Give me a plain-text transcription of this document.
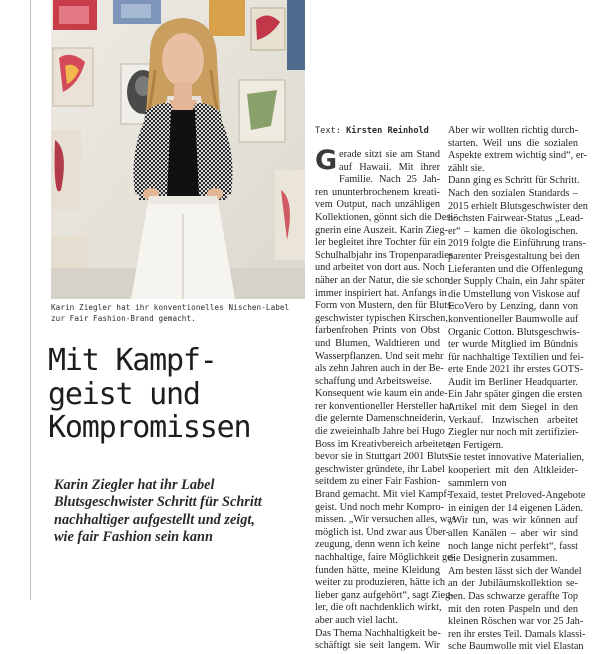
Karin Ziegler hat ihr konventionelles Nischen-Label
zur Fair Fashion-Brand gemacht.
Mit Kampf-
geist und
Kompromissen
Karin Ziegler hat ihr Label
Blutsgeschwister Schritt für Schritt
nachhaltiger aufgestellt und zeigt,
wie fair Fashion sein kann
Text: Kirsten Reinhold
G erade sitzt sie am Stand
auf Hawaii. Mit ihrer
Familie. Nach 25 Jah-
ren ununterbrochenem kreati-
vem Output, nach unzähligen
Kollektionen, gönnt sich die Desi-
gnerin eine Auszeit. Karin Zieg-
ler begleitet ihre Tochter für ein
Schulhalbjahr ins Tropenparadies
und arbeitet von dort aus. Noch
näher an der Natur, die sie schon
immer inspiriert hat. Anfangs in
Form von Mustern, den für Bluts-
geschwister typischen Kirschen,
farbenfrohen Prints von Obst
und Blumen, Waldtieren und
Wasserpflanzen. Und seit mehr
als zehn Jahren auch in der Be-
schaffung und Arbeitsweise.
Konsequent wie kaum ein ande-
rer konventioneller Hersteller hat
die gelernte Damenschneiderin,
die zweieinhalb Jahre bei Hugo
Boss im Kreativbereich arbeitete,
bevor sie in Stuttgart 2001 Bluts-
geschwister gründete, ihr Label
seitdem zu einer Fair Fashion-
Brand gemacht. Mit viel Kampf-
geist. Und noch mehr Kompro-
missen. „Wir versuchen alles, was
möglich ist. Und zwar aus Über-
zeugung, denn wenn ich keine
nachhaltige, faire Möglichkeit ge-
funden hätte, meine Kleidung
weiter zu produzieren, hätte ich
lieber ganz aufgehört“, sagt Zieg-
ler, die oft nachdenklich wirkt,
aber auch viel lacht.
Das Thema Nachhaltigkeit be-
schäftigt sie seit langem. Wir
Aber wir wollten richtig durch-
starten. Weil uns die sozialen
Aspekte extrem wichtig sind“, er-
zählt sie.
Dann ging es Schritt für Schritt.
Nach den sozialen Standards –
2015 erhielt Blutsgeschwister den
höchsten Fairwear-Status „Lead-
er“ – kamen die ökologischen.
2019 folgte die Einführung trans-
parenter Preisgestaltung bei den
Lieferanten und die Offenlegung
der Supply Chain, ein Jahr später
die Umstellung von Viskose auf
EcoVero by Lenzing, dann von
konventioneller Baumwolle auf
Organic Cotton. Blutsgeschwis-
ter wurde Mitglied im Bündnis
für nachhaltige Textilien und fei-
erte Ende 2021 ihr erstes GOTS-
Audit im Berliner Headquarter.
Ein Jahr später gingen die ersten
Artikel mit dem Siegel in den
Verkauf. Inzwischen arbeitet
Ziegler nur noch mit zertifizier-
ten Fertigern.
Sie testet innovative Materialien,
kooperiert mit den Altkleider-
sammlern von
Texaid, testet Preloved-Angebote
in einigen der 14 eigenen Läden.
„Wir tun, was wir können auf
allen Kanälen – aber wir sind
noch lange nicht perfekt“, fasst
die Designerin zusammen.
Am besten lässt sich der Wandel
an der Jubiläumskollektion se-
hen. Das schwarze geraffte Top
mit den roten Paspeln und den
kleinen Röschen war vor 25 Jah-
ren ihr erstes Teil. Damals klassi-
sche Baumwolle mit viel Elastan
